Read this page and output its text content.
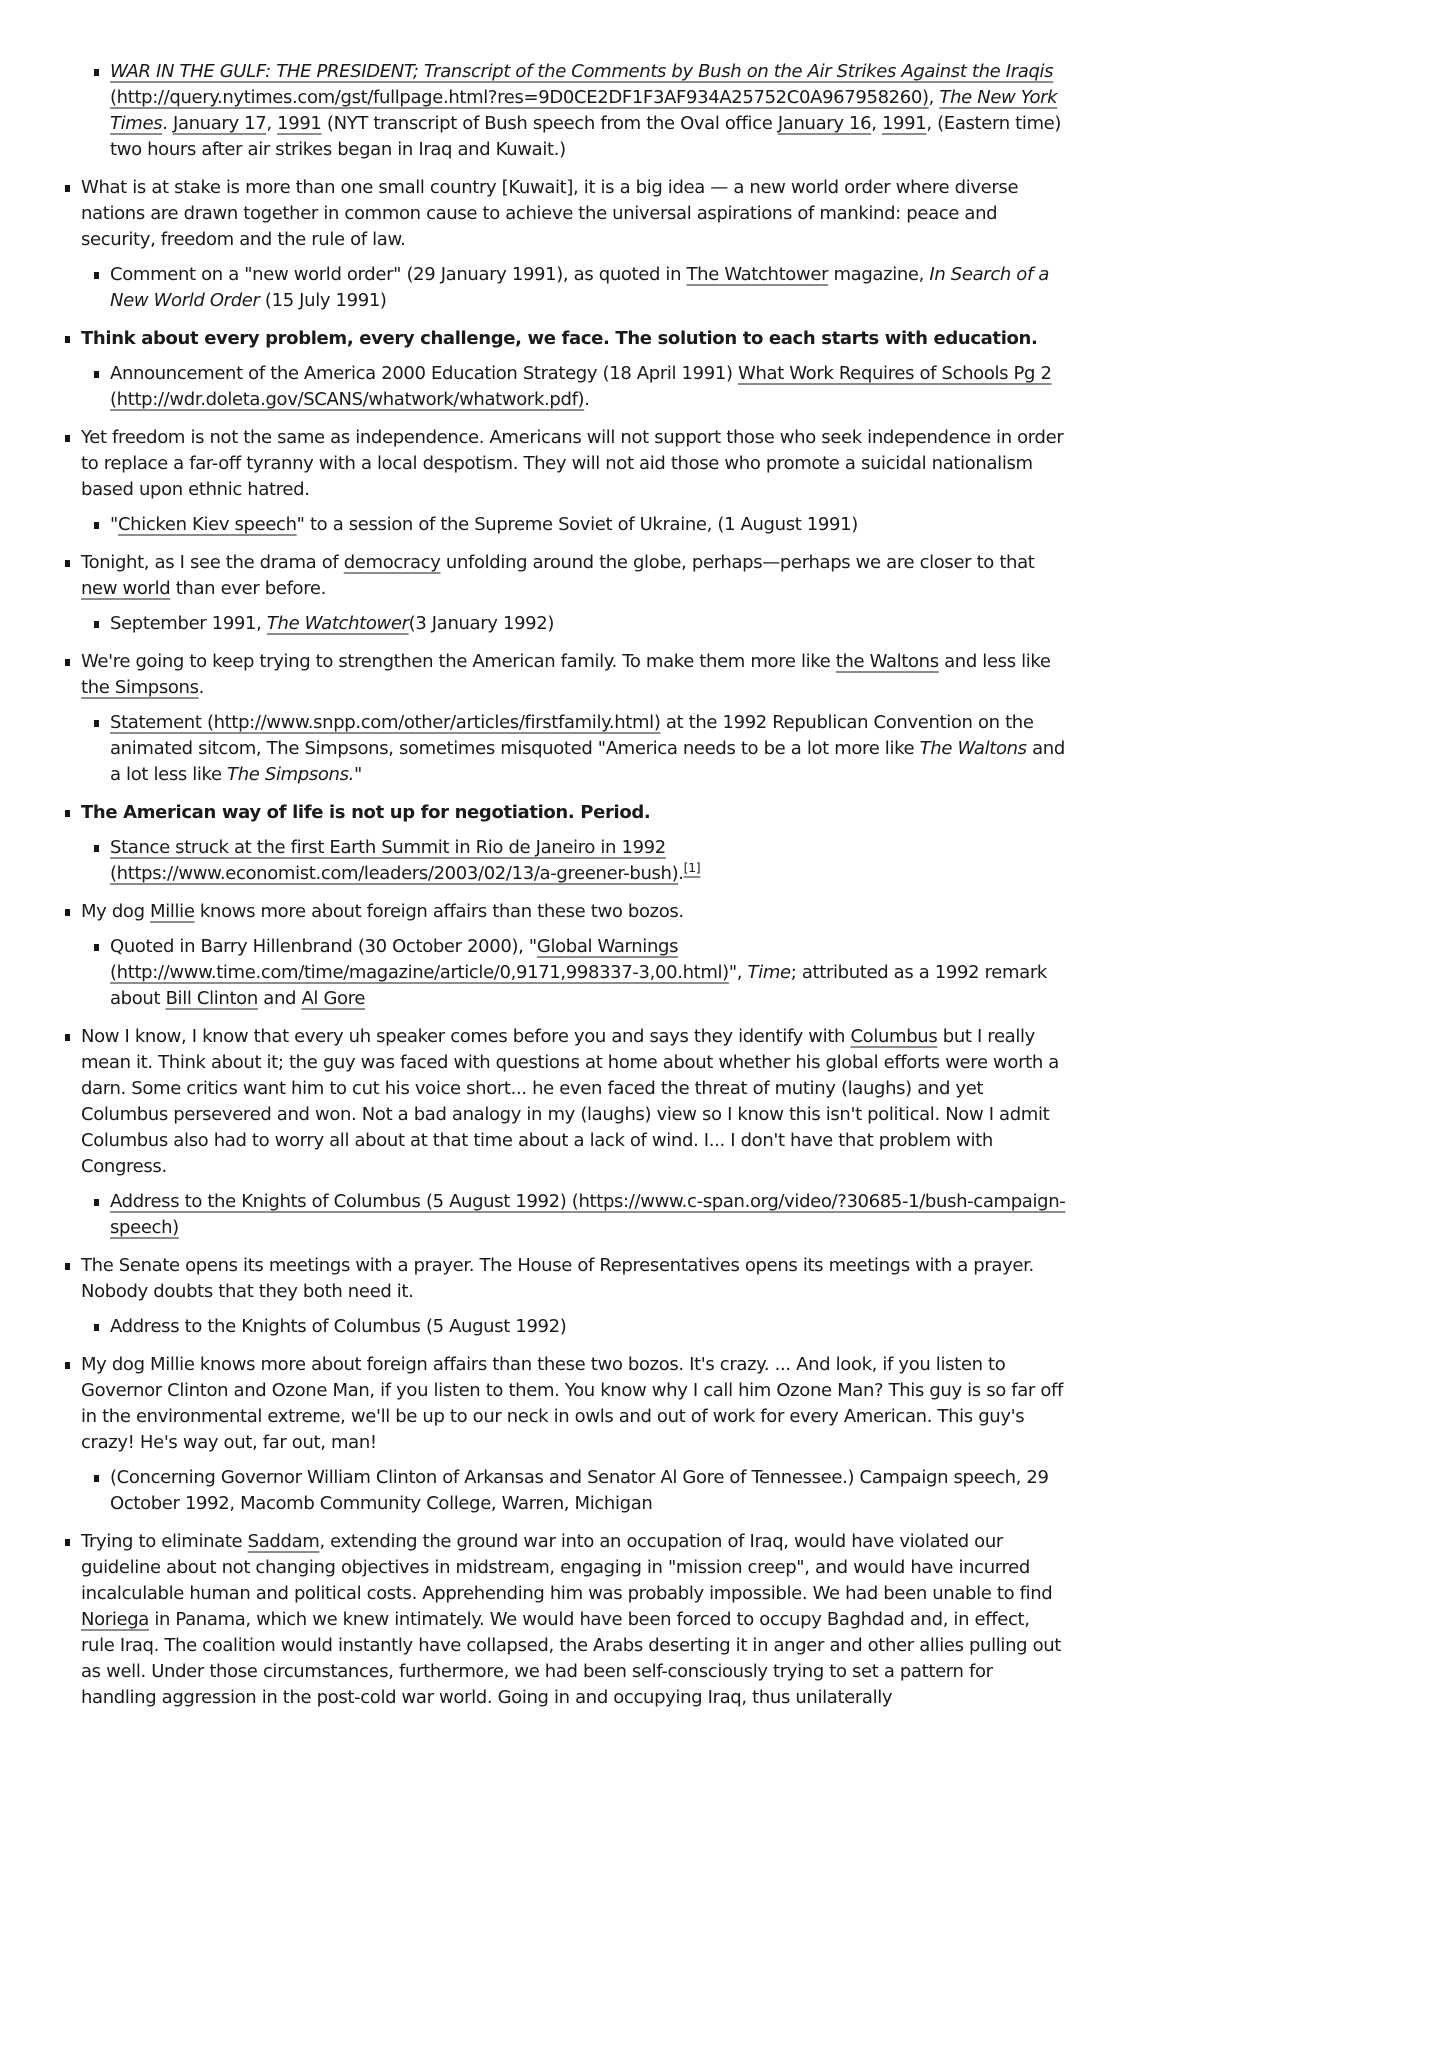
WAR IN THE GULF: THE PRESIDENT; Transcript of the Comments by Bush on the Air Strikes Against the Iraqis (http://query.nytimes.com/gst/fullpage.html?res=9D0CE2DF1F3AF934A25752C0A967958260), The New York Times. January 17, 1991 (NYT transcript of Bush speech from the Oval office January 16, 1991, (Eastern time) two hours after air strikes began in Iraq and Kuwait.)
What is at stake is more than one small country [Kuwait], it is a big idea — a new world order where diverse nations are drawn together in common cause to achieve the universal aspirations of mankind: peace and security, freedom and the rule of law.
Comment on a "new world order" (29 January 1991), as quoted in The Watchtower magazine, In Search of a New World Order (15 July 1991)
Think about every problem, every challenge, we face. The solution to each starts with education.
Announcement of the America 2000 Education Strategy (18 April 1991) What Work Requires of Schools Pg 2 (http://wdr.doleta.gov/SCANS/whatwork/whatwork.pdf).
Yet freedom is not the same as independence. Americans will not support those who seek independence in order to replace a far-off tyranny with a local despotism. They will not aid those who promote a suicidal nationalism based upon ethnic hatred.
"Chicken Kiev speech" to a session of the Supreme Soviet of Ukraine, (1 August 1991)
Tonight, as I see the drama of democracy unfolding around the globe, perhaps—perhaps we are closer to that new world than ever before.
September 1991, The Watchtower(3 January 1992)
We're going to keep trying to strengthen the American family. To make them more like the Waltons and less like the Simpsons.
Statement (http://www.snpp.com/other/articles/firstfamily.html) at the 1992 Republican Convention on the animated sitcom, The Simpsons, sometimes misquoted "America needs to be a lot more like The Waltons and a lot less like The Simpsons."
The American way of life is not up for negotiation. Period.
Stance struck at the first Earth Summit in Rio de Janeiro in 1992 (https://www.economist.com/leaders/2003/02/13/a-greener-bush).[1]
My dog Millie knows more about foreign affairs than these two bozos.
Quoted in Barry Hillenbrand (30 October 2000), "Global Warnings (http://www.time.com/time/magazine/article/0,9171,998337-3,00.html)", Time; attributed as a 1992 remark about Bill Clinton and Al Gore
Now I know, I know that every uh speaker comes before you and says they identify with Columbus but I really mean it. Think about it; the guy was faced with questions at home about whether his global efforts were worth a darn. Some critics want him to cut his voice short... he even faced the threat of mutiny (laughs) and yet Columbus persevered and won. Not a bad analogy in my (laughs) view so I know this isn't political. Now I admit Columbus also had to worry all about at that time about a lack of wind. I... I don't have that problem with Congress.
Address to the Knights of Columbus (5 August 1992) (https://www.c-span.org/video/?30685-1/bush-campaign-speech)
The Senate opens its meetings with a prayer. The House of Representatives opens its meetings with a prayer. Nobody doubts that they both need it.
Address to the Knights of Columbus (5 August 1992)
My dog Millie knows more about foreign affairs than these two bozos. It's crazy. ... And look, if you listen to Governor Clinton and Ozone Man, if you listen to them. You know why I call him Ozone Man? This guy is so far off in the environmental extreme, we'll be up to our neck in owls and out of work for every American. This guy's crazy! He's way out, far out, man!
(Concerning Governor William Clinton of Arkansas and Senator Al Gore of Tennessee.) Campaign speech, 29 October 1992, Macomb Community College, Warren, Michigan
Trying to eliminate Saddam, extending the ground war into an occupation of Iraq, would have violated our guideline about not changing objectives in midstream, engaging in "mission creep", and would have incurred incalculable human and political costs. Apprehending him was probably impossible. We had been unable to find Noriega in Panama, which we knew intimately. We would have been forced to occupy Baghdad and, in effect, rule Iraq. The coalition would instantly have collapsed, the Arabs deserting it in anger and other allies pulling out as well. Under those circumstances, furthermore, we had been self-consciously trying to set a pattern for handling aggression in the post-cold war world. Going in and occupying Iraq, thus unilaterally
